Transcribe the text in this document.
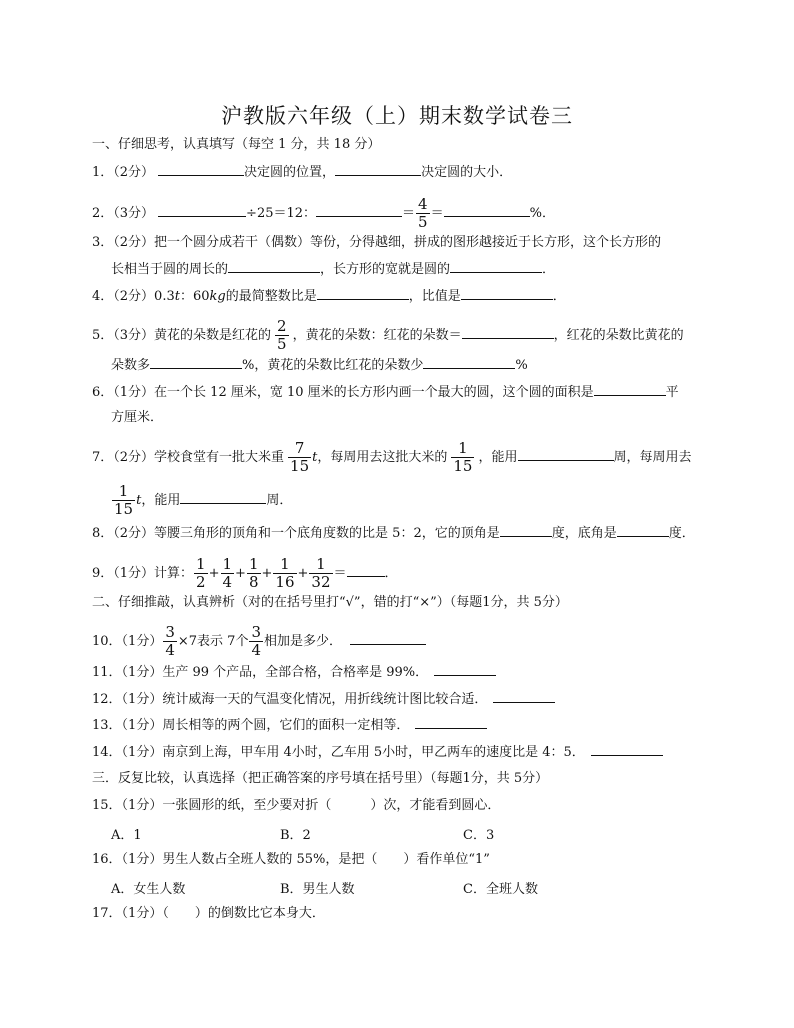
沪教版六年级（上）期末数学试卷三
一、仔细思考，认真填写（每空 1 分，共 18 分）
1．（2分）	决定圆的位置，	决定圆的大小．
2．（3分）	÷25＝12：	＝ $\frac{4}{5}$ ＝	%．
3．（2分）把一个圆分成若干（偶数）等份，分得越细，拼成的图形越接近于长方形，这个长方形的
长相当于圆的周长的	，长方形的宽就是圆的	．
4．（2分）0.3t：60kg的最简整数比是	，比值是	．
5．（3分）黄花的朵数是红花的 $\frac{2}{5}$ ，黄花的朵数：红花的朵数＝	，红花的朵数比黄花的
朵数多	%，黄花的朵数比红花的朵数少	%
6．（1分）在一个长 12 厘米，宽 10 厘米的长方形内画一个最大的圆，这个圆的面积是	平
方厘米．
7．（2分）学校食堂有一批大米重 $\frac{7}{15}$ t，每周用去这批大米的 $\frac{1}{15}$ ，能用	周，每周用去
$\frac{1}{15}$ t，能用	周．
8．（2分）等腰三角形的顶角和一个底角度数的比是 5：2，它的顶角是	度，底角是	度．
9．（1分）计算： $\frac{1}{2} + \frac{1}{4} + \frac{1}{8} + \frac{1}{16} + \frac{1}{32}$ ＝	．
二、仔细推敲，认真辨析（对的在括号里打“√”，错的打“×”）（每题1分，共 5分）
10．（1分） $\frac{3}{4} \times 7$表示 7个 $\frac{3}{4}$ 相加是多少．
11．（1分）生产 99 个产品，全部合格，合格率是 99%．
12．（1分）统计威海一天的气温变化情况，用折线统计图比较合适．
13．（1分）周长相等的两个圆，它们的面积一定相等．
14．（1分）南京到上海，甲车用 4小时，乙车用 5小时，甲乙两车的速度比是 4：5．
三．反复比较，认真选择（把正确答案的序号填在括号里）（每题1分，共 5分）
15．（1分）一张圆形的纸，至少要对折（　　　）次，才能看到圆心．
A．1	B．2	C．3
16．（1分）男生人数占全班人数的 55%，是把（　　）看作单位“1”
A．女生人数	B．男生人数	C．全班人数
17．（1分）（　　）的倒数比它本身大．
